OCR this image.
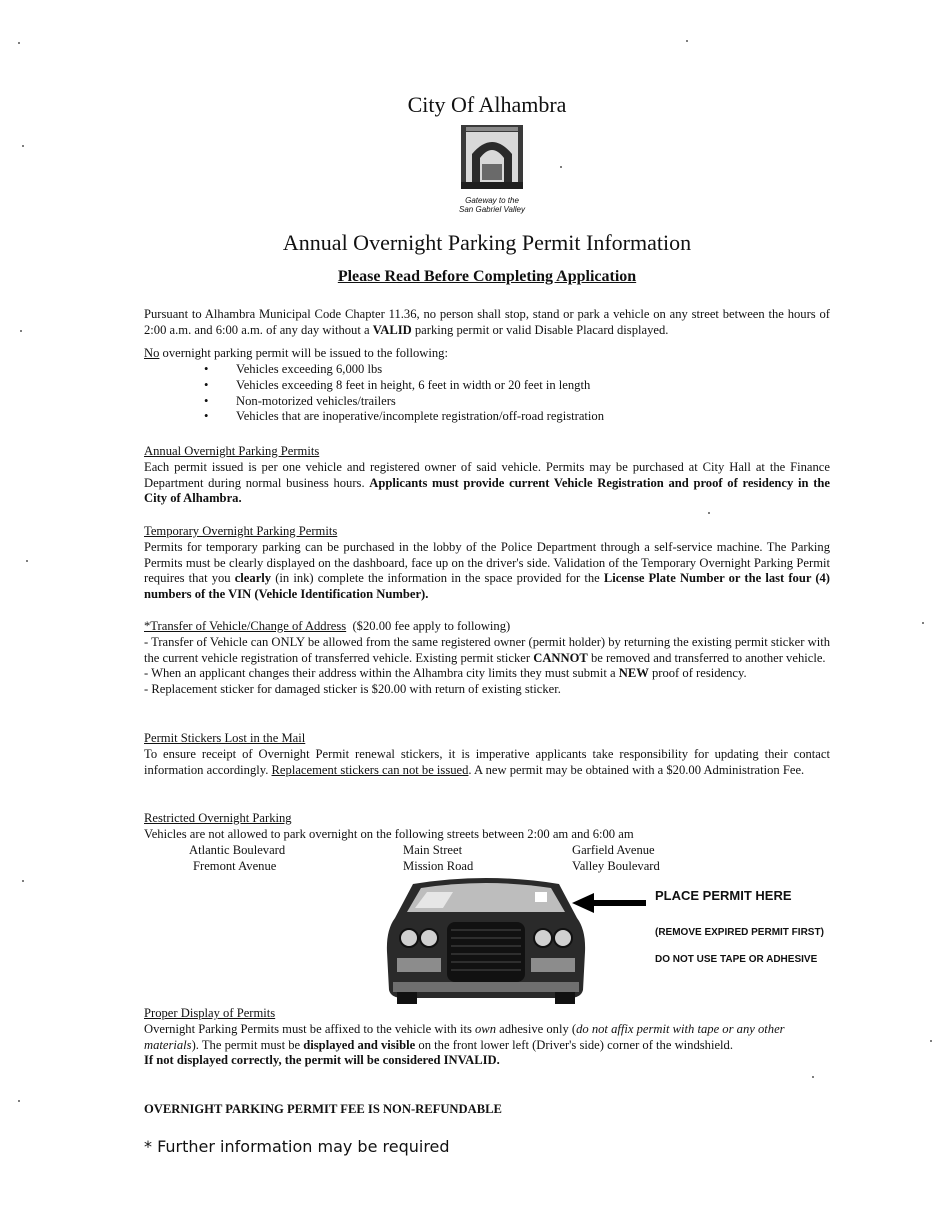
City Of Alhambra
Gateway to the
San Gabriel Valley
Annual Overnight Parking Permit Information
Please Read Before Completing Application

Pursuant to Alhambra Municipal Code Chapter 11.36, no person shall stop, stand or park a vehicle on any street between the hours of 2:00 a.m. and 6:00 a.m. of any day without a VALID parking permit or valid Disable Placard displayed.

No overnight parking permit will be issued to the following:

• Vehicles exceeding 6,000 lbs
• Vehicles exceeding 8 feet in height, 6 feet in width or 20 feet in length
• Non-motorized vehicles/trailers
• Vehicles that are inoperative/incomplete registration/off-road registration

Annual Overnight Parking Permits

Each permit issued is per one vehicle and registered owner of said vehicle. Permits may be purchased at City Hall at the Finance Department during normal business hours. Applicants must provide current Vehicle Registration and proof of residency in the City of Alhambra.

Temporary Overnight Parking Permits

Permits for temporary parking can be purchased in the lobby of the Police Department through a self-service machine. The Parking Permits must be clearly displayed on the dashboard, face up on the driver's side. Validation of the Temporary Overnight Parking Permit requires that you clearly (in ink) complete the information in the space provided for the License Plate Number or the last four (4) numbers of the VIN (Vehicle Identification Number).

*Transfer of Vehicle/Change of Address ($20.00 fee apply to following)

- Transfer of Vehicle can ONLY be allowed from the same registered owner (permit holder) by returning the existing permit sticker with the current vehicle registration of transferred vehicle. Existing permit sticker CANNOT be removed and transferred to another vehicle.

- When an applicant changes their address within the Alhambra city limits they must submit a NEW proof of residency.

- Replacement sticker for damaged sticker is $20.00 with return of existing sticker.

Permit Stickers Lost in the Mail

To ensure receipt of Overnight Permit renewal stickers, it is imperative applicants take responsibility for updating their contact information accordingly. Replacement stickers can not be issued. A new permit may be obtained with a $20.00 Administration Fee.

Restricted Overnight Parking

Vehicles are not allowed to park overnight on the following streets between 2:00 am and 6:00 am

Atlantic Boulevard
Fremont Avenue
Main Street
Mission Road
Garfield Avenue
Valley Boulevard
PLACE PERMIT HERE
(REMOVE EXPIRED PERMIT FIRST)
DO NOT USE TAPE OR ADHESIVE

Proper Display of Permits

Overnight Parking Permits must be affixed to the vehicle with its own adhesive only (do not affix permit with tape or any other materials). The permit must be displayed and visible on the front lower left (Driver's side) corner of the windshield.

If not displayed correctly, the permit will be considered INVALID.

OVERNIGHT PARKING PERMIT FEE IS NON-REFUNDABLE
* Further information may be required
